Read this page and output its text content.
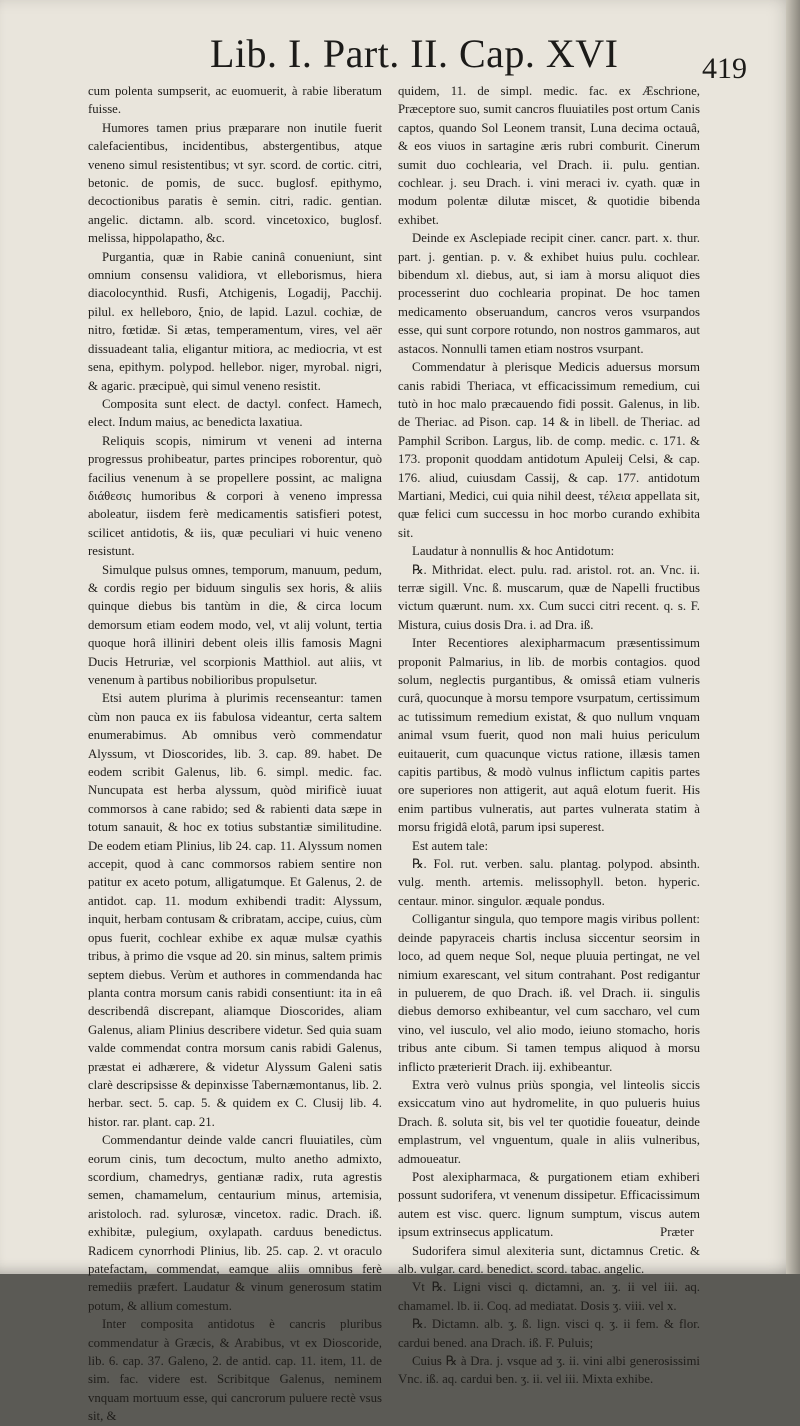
Lib. I. Part. II. Cap. XVI	419

cum polenta sumpserit, ac euomuerit, à rabie liberatum fuisse.

Humores tamen prius præparare non inutile fuerit calefacientibus, incidentibus, abstergentibus, atque veneno simul resistentibus; vt syr. scord. de cortic. citri, betonic. de pomis, de succ. buglosf. epithymo, decoctionibus paratis è semin. citri, radic. gentian. angelic. dictamn. alb. scord. vincetoxico, buglosf. melissa, hippolapatho, &c.

Purgantia, quæ in Rabie caninâ conueniunt, sint omnium consensu validiora, vt elleborismus, hiera diacolocynthid. Rusfi, Atchigenis, Logadij, Pacchij. pilul. ex helleboro, ξnio, de lapid. Lazul. cochiæ, de nitro, fœtidæ. Si ætas, temperamentum, vires, vel aër dissuadeant talia, eligantur mitiora, ac mediocria, vt est sena, epithym. polypod. hellebor. niger, myrobal. nigri, & agaric. præcipuè, qui simul veneno resistit.

Composita sunt elect. de dactyl. confect. Hamech, elect. Indum maius, ac benedicta laxatiua.

Reliquis scopis, nimirum vt veneni ad interna progressus prohibeatur, partes principes roborentur, quò facilius venenum à se propellere possint, ac maligna διάθεσις humoribus & corpori à veneno impressa aboleatur, iisdem ferè medicamentis satisfieri potest, scilicet antidotis, & iis, quæ peculiari vi huic veneno resistunt.

Simulque pulsus omnes, temporum, manuum, pedum, & cordis regio per biduum singulis sex horis, & aliis quinque diebus bis tantùm in die, & circa locum demorsum etiam eodem modo, vel, vt alij volunt, tertia quoque horâ illiniri debent oleis illis famosis Magni Ducis Hetruriæ, vel scorpionis Matthiol. aut aliis, vt venenum à partibus nobilioribus propulsetur.

Etsi autem plurima à plurimis recenseantur: tamen cùm non pauca ex iis fabulosa videantur, certa saltem enumerabimus. Ab omnibus verò commendatur Alyssum, vt Dioscorides, lib. 3. cap. 89. habet. De eodem scribit Galenus, lib. 6. simpl. medic. fac. Nuncupata est herba alyssum, quòd mirificè iuuat commorsos à cane rabido; sed & rabienti data sæpe in totum sanauit, & hoc ex totius substantiæ similitudine. De eodem etiam Plinius, lib 24. cap. 11. Alyssum nomen accepit, quod à canc commorsos rabiem sentire non patitur ex aceto potum, alligatumque. Et Galenus, 2. de antidot. cap. 11. modum exhibendi tradit: Alyssum, inquit, herbam contusam & cribratam, accipe, cuius, cùm opus fuerit, cochlear exhibe ex aquæ mulsæ cyathis tribus, à primo die vsque ad 20. sin minus, saltem primis septem diebus. Verùm et authores in commendanda hac planta contra morsum canis rabidi consentiunt: ita in eâ describendâ discrepant, aliamque Dioscorides, aliam Galenus, aliam Plinius describere videtur. Sed quia suam valde commendat contra morsum canis rabidi Galenus, præstat ei adhærere, & videtur Alyssum Galeni satis clarè descripsisse & depinxisse Tabernæmontanus, lib. 2. herbar. sect. 5. cap. 5. & quidem ex C. Clusij lib. 4. histor. rar. plant. cap. 21.

Commendantur deinde valde cancri fluuiatiles, cùm eorum cinis, tum decoctum, multo anetho admixto, scordium, chamedrys, gentianæ radix, ruta agrestis semen, chamamelum, centaurium minus, artemisia, aristoloch. rad. sylurosæ, vincetox. radic. Drach. iß. exhibitæ, pulegium, oxylapath. carduus benedictus. Radicem cynorrhodi Plinius, lib. 25. cap. 2. vt oraculo patefactam, commendat, eamque aliis omnibus ferè remediis præfert. Laudatur & vinum generosum statim potum, & allium comestum.

Inter composita antidotus è cancris pluribus commendatur à Græcis, & Arabibus, vt ex Dioscoride, lib. 6. cap. 37. Galeno, 2. de antid. cap. 11. item, 11. de sim. fac. videre est. Scribitque Galenus, neminem vnquam mortuum esse, qui cancrorum puluere rectè vsus sit, &

quidem, 11. de simpl. medic. fac. ex Æschrione, Præceptore suo, sumit cancros fluuiatiles post ortum Canis captos, quando Sol Leonem transit, Luna decima octauâ, & eos viuos in sartagine æris rubri comburit. Cinerum sumit duo cochlearia, vel Drach. ii. pulu. gentian. cochlear. j. seu Drach. i. vini meraci iv. cyath. quæ in modum polentæ dilutæ miscet, & quotidie bibenda exhibet.

Deinde ex Asclepiade recipit ciner. cancr. part. x. thur. part. j. gentian. p. v. & exhibet huius pulu. cochlear. bibendum xl. diebus, aut, si iam à morsu aliquot dies processerint duo cochlearia propinat. De hoc tamen medicamento obseruandum, cancros veros vsurpandos esse, qui sunt corpore rotundo, non nostros gammaros, aut astacos. Nonnulli tamen etiam nostros vsurpant.

Commendatur à plerisque Medicis aduersus morsum canis rabidi Theriaca, vt efficacissimum remedium, cui tutò in hoc malo præcauendo fidi possit. Galenus, in lib. de Theriac. ad Pison. cap. 14 & in libell. de Theriac. ad Pamphil Scribon. Largus, lib. de comp. medic. c. 171. & 173. proponit quoddam antidotum Apuleij Celsi, & cap. 176. aliud, cuiusdam Cassij, & cap. 177. antidotum Martiani, Medici, cui quia nihil deest, τέλεια appellata sit, quæ felici cum successu in hoc morbo curando exhibita sit.

Laudatur à nonnullis & hoc Antidotum:

℞. Mithridat. elect. pulu. rad. aristol. rot. an. Vnc. ii. terræ sigill. Vnc. ß. muscarum, quæ de Napelli fructibus victum quærunt. num. xx. Cum succi citri recent. q. s. F. Mistura, cuius dosis Dra. i. ad Dra. iß.

Inter Recentiores alexipharmacum præsentissimum proponit Palmarius, in lib. de morbis contagios. quod solum, neglectis purgantibus, & omissâ etiam vulneris curâ, quocunque à morsu tempore vsurpatum, certissimum ac tutissimum remedium existat, & quo nullum vnquam animal vsum fuerit, quod non mali huius periculum euitauerit, cum quacunque victus ratione, illæsis tamen capitis partibus, & modò vulnus inflictum capitis partes ore superiores non attigerit, aut aquâ elotum fuerit. His enim partibus vulneratis, aut partes vulnerata statim à morsu frigidâ elotâ, parum ipsi superest.

Est autem tale:

℞. Fol. rut. verben. salu. plantag. polypod. absinth. vulg. menth. artemis. melissophyll. beton. hyperic. centaur. minor. singulor. æquale pondus.

Colligantur singula, quo tempore magis viribus pollent: deinde papyraceis chartis inclusa siccentur seorsim in loco, ad quem neque Sol, neque pluuia pertingat, ne vel nimium exarescant, vel situm contrahant. Post redigantur in puluerem, de quo Drach. iß. vel Drach. ii. singulis diebus demorso exhibeantur, vel cum saccharo, vel cum vino, vel iusculo, vel alio modo, ieiuno stomacho, horis tribus ante cibum. Si tamen tempus aliquod à morsu inflicto præterierit Drach. iij. exhibeantur.

Extra verò vulnus priùs spongia, vel linteolis siccis exsiccatum vino aut hydromelite, in quo pulueris huius Drach. ß. soluta sit, bis vel ter quotidie foueatur, deinde emplastrum, vel vnguentum, quale in aliis vulneribus, admoueatur.

Post alexipharmaca, & purgationem etiam exhiberi possunt sudorifera, vt venenum dissipetur. Efficacissimum autem est visc. querc. lignum sumptum, viscus autem ipsum extrinsecus applicatum.

Sudorifera simul alexiteria sunt, dictamnus Cretic. & alb. vulgar. card. benedict. scord. tabac. angelic.

Vt ℞. Ligni visci q. dictamni, an. ʒ. ii vel iii. aq. chamamel. lb. ii. Coq. ad mediatat. Dosis ʒ. viii. vel x.

℞. Dictamn. alb. ʒ. ß. lign. visci q. ʒ. ii fem. & flor. cardui bened. ana Drach. iß. F. Puluis;

Cuius ℞ à Dra. j. vsque ad ʒ. ii. vini albi generosissimi Vnc. iß. aq. cardui ben. ʒ. ii. vel iii. Mixta exhibe.

Præter
